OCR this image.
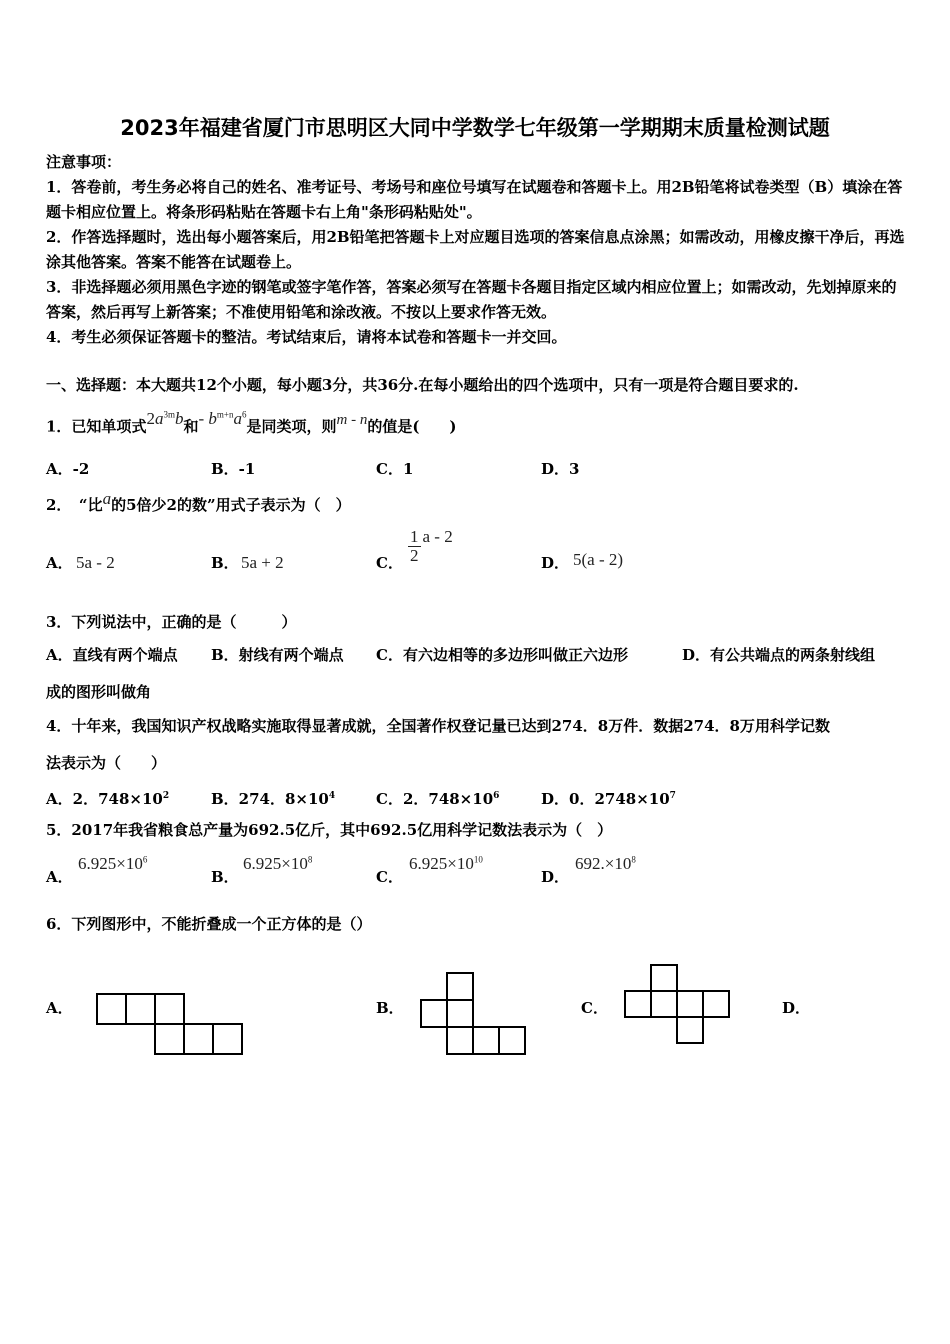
2023年福建省厦门市思明区大同中学数学七年级第一学期期末质量检测试题
注意事项：
1．答卷前，考生务必将自己的姓名、准考证号、考场号和座位号填写在试题卷和答题卡上。用2B铅笔将试卷类型（B）填涂在答题卡相应位置上。将条形码粘贴在答题卡右上角"条形码粘贴处"。
2．作答选择题时，选出每小题答案后，用2B铅笔把答题卡上对应题目选项的答案信息点涂黑；如需改动，用橡皮擦干净后，再选涂其他答案。答案不能答在试题卷上。
3．非选择题必须用黑色字迹的钢笔或签字笔作答，答案必须写在答题卡各题目指定区域内相应位置上；如需改动，先划掉原来的答案，然后再写上新答案；不准使用铅笔和涂改液。不按以上要求作答无效。
4．考生必须保证答题卡的整洁。考试结束后，请将本试卷和答题卡一并交回。
一、选择题：本大题共12个小题，每小题3分，共36分.在每小题给出的四个选项中，只有一项是符合题目要求的.
1．已知单项式$2a^{3m}b$和- $b^{m+n}a^6$是同类项，则m - n的值是(　　)
A．-2	B．-1	C．1	D．3
2．　“比a的5倍少2的数”用式子表示为（　）
A． 5a - 2	B． 5a + 2	C． $\frac{1}{2}$ a - 2
D． 5(a - 2)
3．下列说法中，正确的是（　　　）
A．直线有两个端点 B．射线有两个端点 C．有六边相等的多边形叫做正六边形	D．有公共端点的两条射线组
成的图形叫做角
4．十年来，我国知识产权战略实施取得显著成就，全国著作权登记量已达到274．8万件．数据274．8万用科学记数
法表示为（　　）
A．2．$748\times 10^2$	B．274．$8\times 10^4$	C．2．$748\times 10^6$	D．0．$2748\times 10^7$
5．2017年我省粮食总产量为692.5亿斤，其中692.5亿用科学记数法表示为（　）
A．
$6.925\times 10^6$
B．
$6.925\times 10^8$
C．
$6.925\times 10^{10}$
D．
$692.\times 10^8$
6．下列图形中，不能折叠成一个正方体的是（）
A．	B．	C．	D．
